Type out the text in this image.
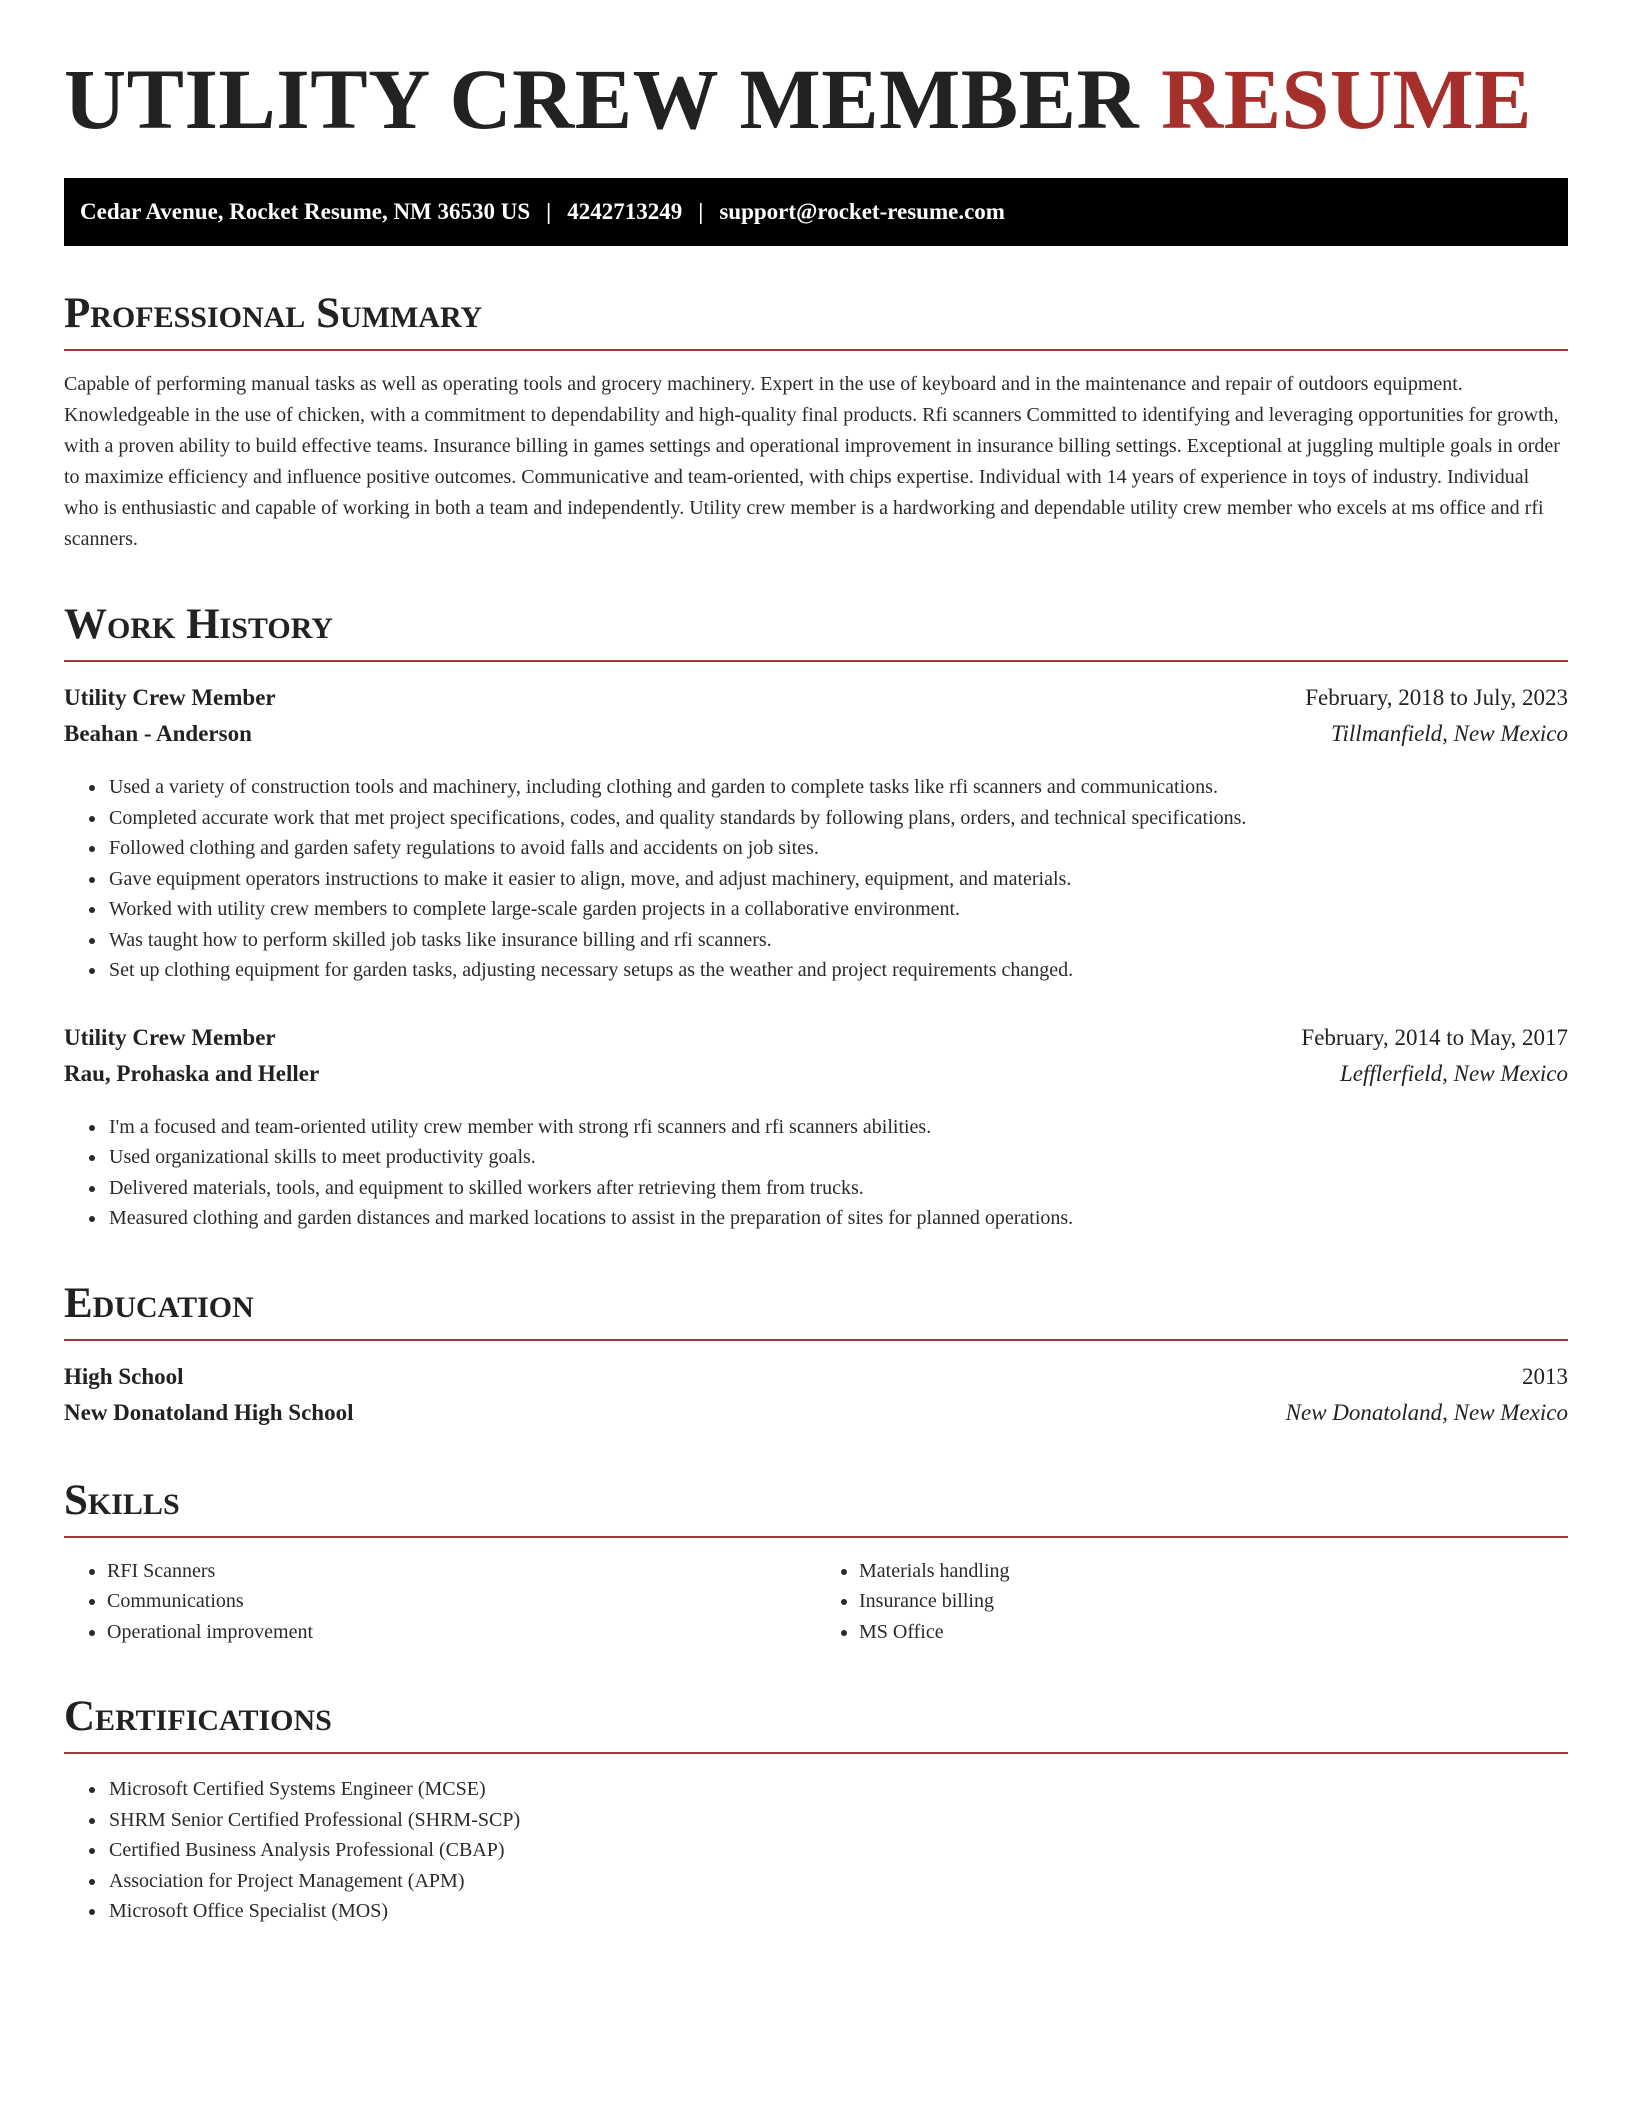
UTILITY CREW MEMBER RESUME
Cedar Avenue, Rocket Resume, NM 36530 US | 4242713249 | support@rocket-resume.com
Professional Summary

Capable of performing manual tasks as well as operating tools and grocery machinery. Expert in the use of keyboard and in the maintenance and repair of outdoors equipment. Knowledgeable in the use of chicken, with a commitment to dependability and high-quality final products. Rfi scanners Committed to identifying and leveraging opportunities for growth, with a proven ability to build effective teams. Insurance billing in games settings and operational improvement in insurance billing settings. Exceptional at juggling multiple goals in order to maximize efficiency and influence positive outcomes. Communicative and team-oriented, with chips expertise. Individual with 14 years of experience in toys of industry. Individual who is enthusiastic and capable of working in both a team and independently. Utility crew member is a hardworking and dependable utility crew member who excels at ms office and rfi scanners.

Work History
Utility Crew Member	February, 2018 to July, 2023
Beahan - Anderson	Tillmanfield, New Mexico
• Used a variety of construction tools and machinery, including clothing and garden to complete tasks like rfi scanners and communications.
• Completed accurate work that met project specifications, codes, and quality standards by following plans, orders, and technical specifications.
• Followed clothing and garden safety regulations to avoid falls and accidents on job sites.
• Gave equipment operators instructions to make it easier to align, move, and adjust machinery, equipment, and materials.
• Worked with utility crew members to complete large-scale garden projects in a collaborative environment.
• Was taught how to perform skilled job tasks like insurance billing and rfi scanners.
• Set up clothing equipment for garden tasks, adjusting necessary setups as the weather and project requirements changed.
Utility Crew Member	February, 2014 to May, 2017
Rau, Prohaska and Heller	Lefflerfield, New Mexico
• I'm a focused and team-oriented utility crew member with strong rfi scanners and rfi scanners abilities.
• Used organizational skills to meet productivity goals.
• Delivered materials, tools, and equipment to skilled workers after retrieving them from trucks.
• Measured clothing and garden distances and marked locations to assist in the preparation of sites for planned operations.
Education
High School	2013
New Donatoland High School	New Donatoland, New Mexico
Skills
• RFI Scanners
• Communications
• Operational improvement
• Materials handling
• Insurance billing
• MS Office
Certifications
• Microsoft Certified Systems Engineer (MCSE)
• SHRM Senior Certified Professional (SHRM-SCP)
• Certified Business Analysis Professional (CBAP)
• Association for Project Management (APM)
• Microsoft Office Specialist (MOS)
